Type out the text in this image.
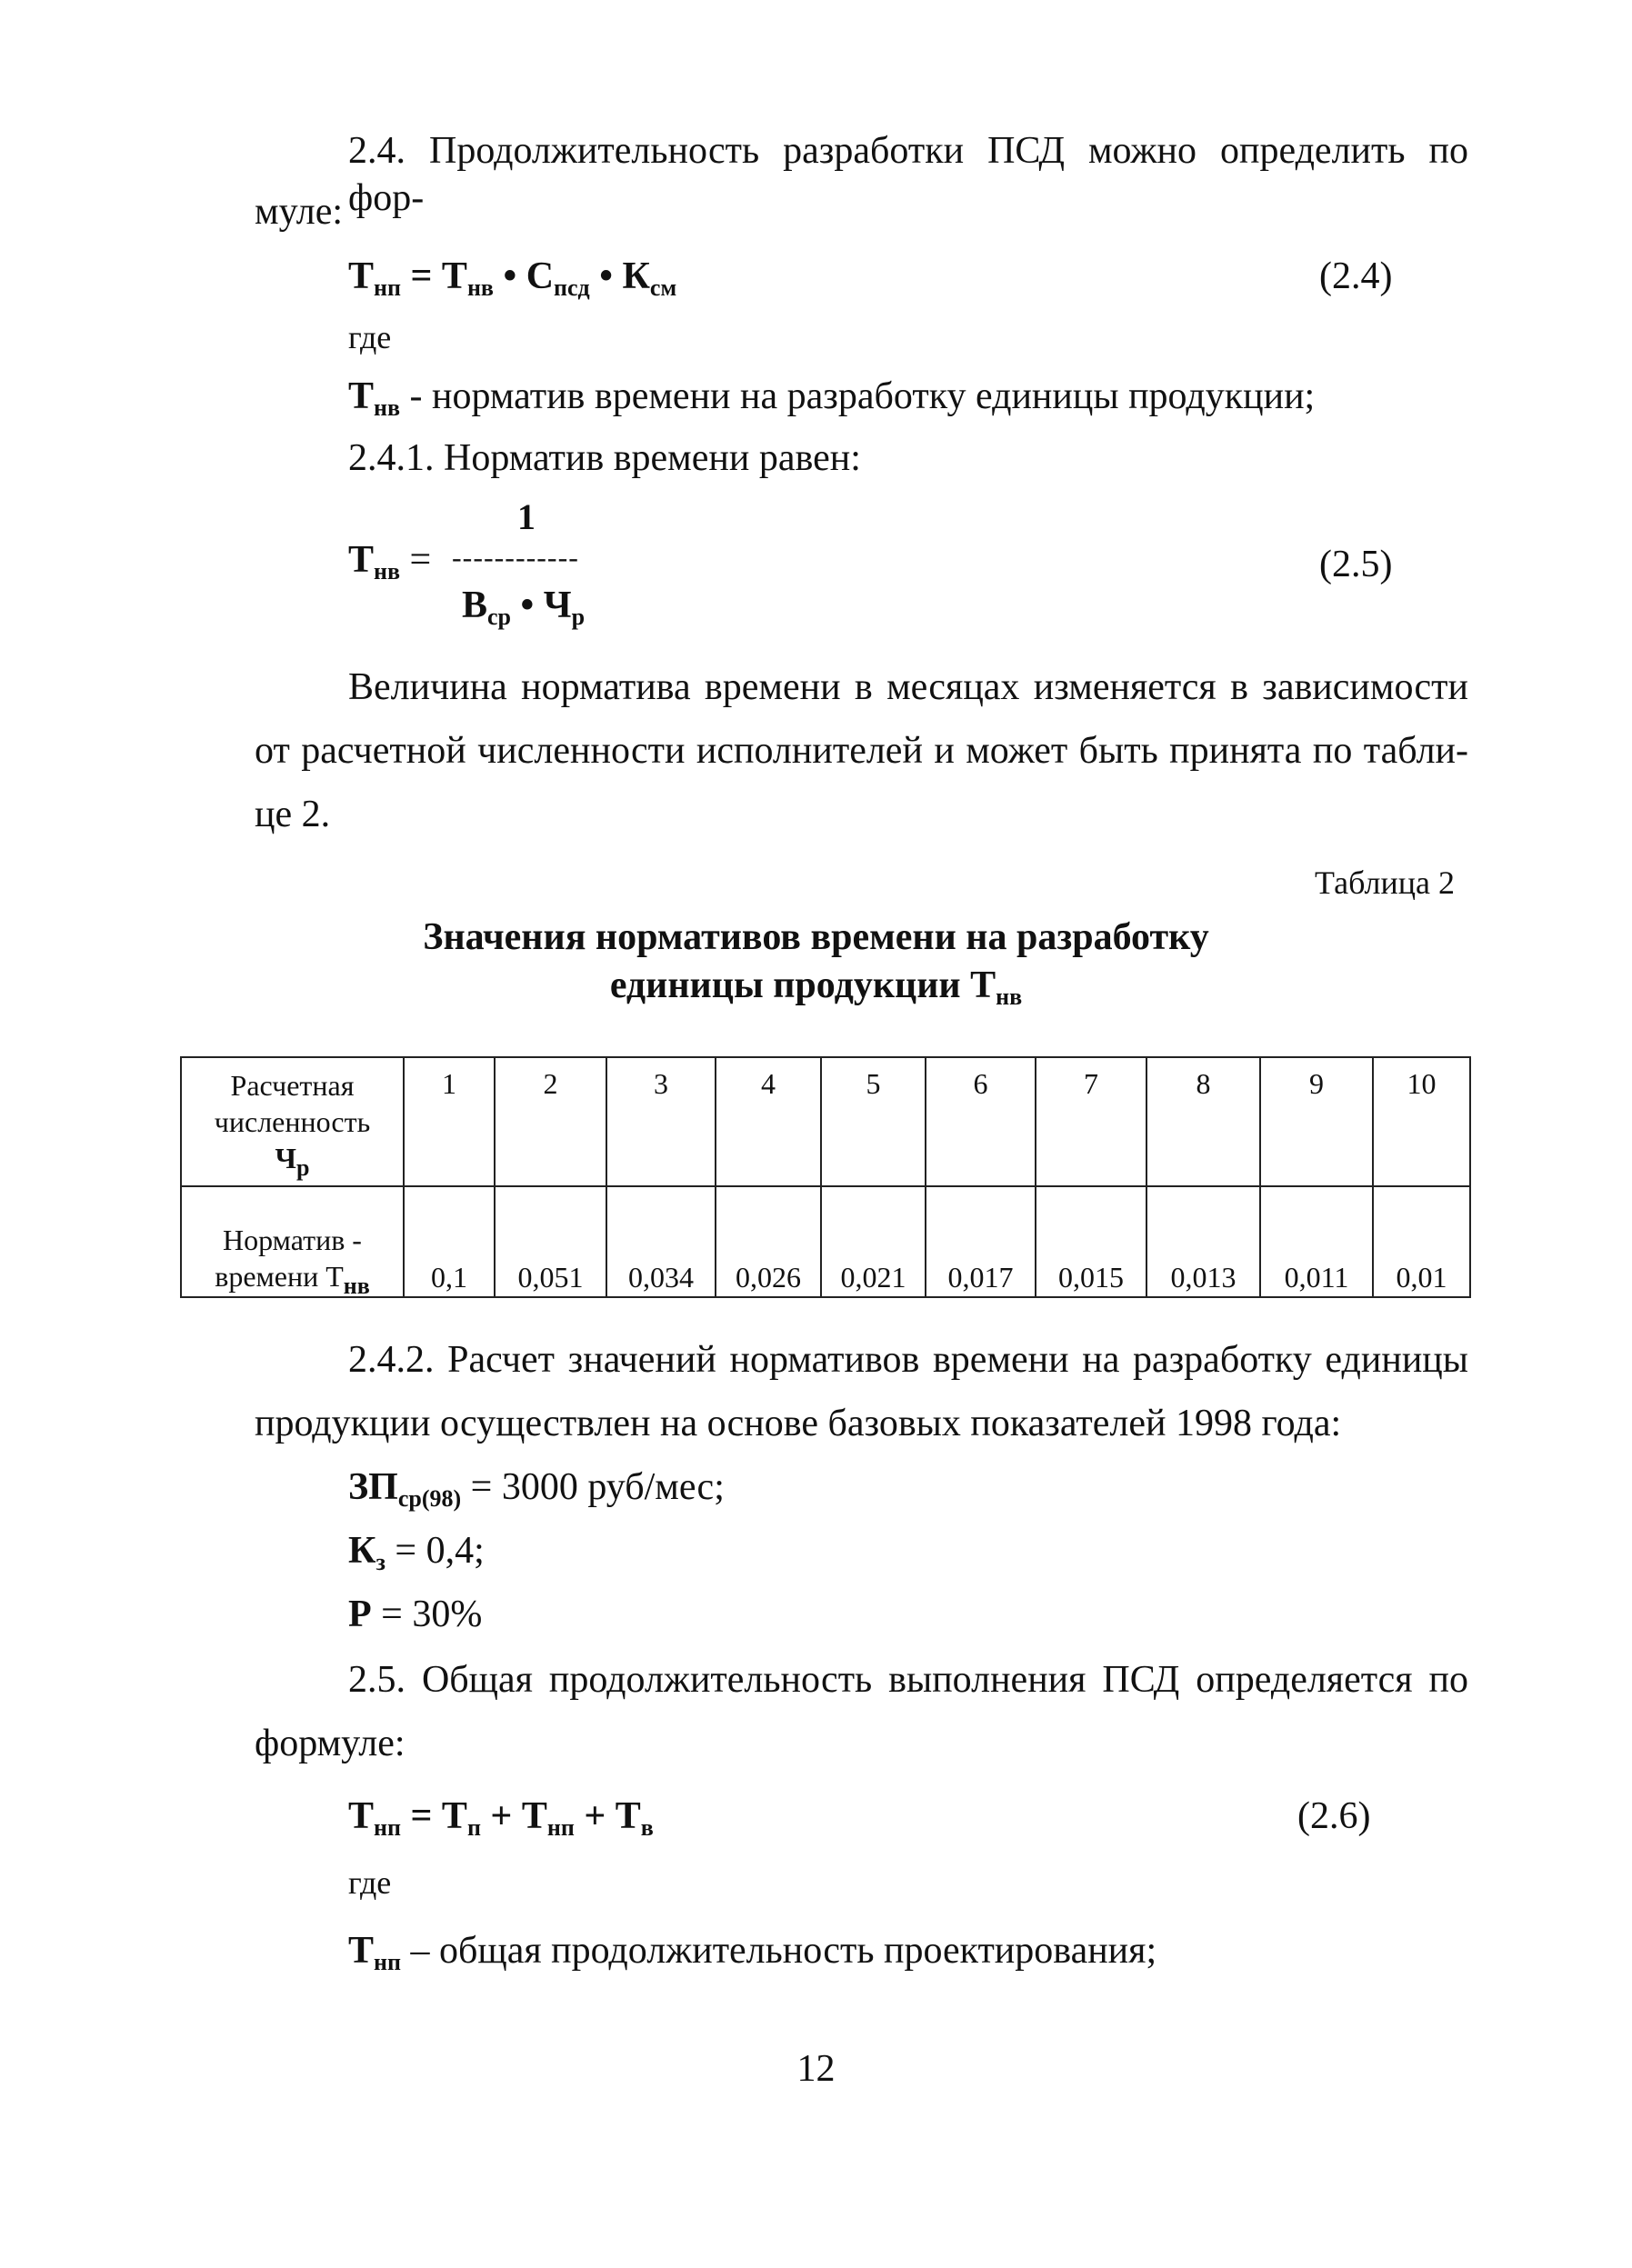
2.4. Продолжительность разработки ПСД можно определить по фор-
муле:
$Т_{нп} = Т_{нв}$ • $С_{псд}$ • $К_{см}$	(2.4)
где
$Т_{нв}$ - норматив времени на разработку единицы продукции;
2.4.1. Норматив времени равен:
1
$Т_{нв}$ = ------------
$В_{ср}$ • $Ч_р$
(2.5)
Величина норматива времени в месяцах изменяется в зависимости
от расчетной численности исполнителей и может быть принята по табли-
це 2.
Таблица 2
Значения нормативов времени на разработку
единицы продукции $Т_{нв}$
Расчетная
численность
$Ч_р$	1	2	3	4	5	6	7	8	9	10
Норматив -
времени $Т_{нв}$	0,1	0,051	0,034	0,026	0,021	0,017	0,015	0,013	0,011	0,01
2.4.2. Расчет значений нормативов времени на разработку единицы
продукции осуществлен на основе базовых показателей 1998 года:
$ЗП_{ср(98)} = 3000$ руб/мес;
$К_з = 0,4$;
Р = 30%
2.5. Общая продолжительность выполнения ПСД определяется по
формуле:
$Т_{нп} = Т_п + Т_{нп} + Т_в$	(2.6)
где
$Т_{нп}$ – общая продолжительность проектирования;
12
